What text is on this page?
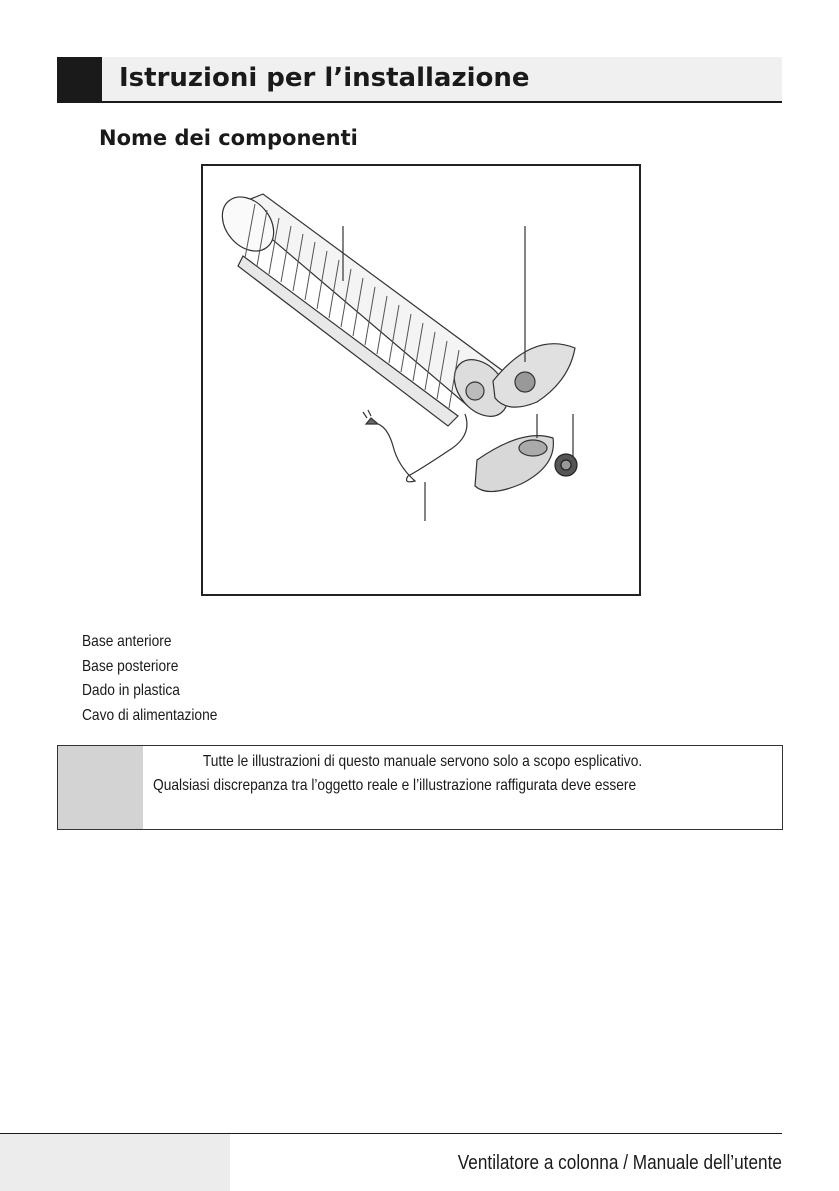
Istruzioni per l’installazione
Nome dei componenti
Base anteriore
Base posteriore
Dado in plastica
Cavo di alimentazione
Tutte le illustrazioni di questo manuale servono solo a scopo esplicativo.
Qualsiasi discrepanza tra l’oggetto reale e l’illustrazione raffigurata deve essere
Ventilatore a colonna / Manuale dell’utente
